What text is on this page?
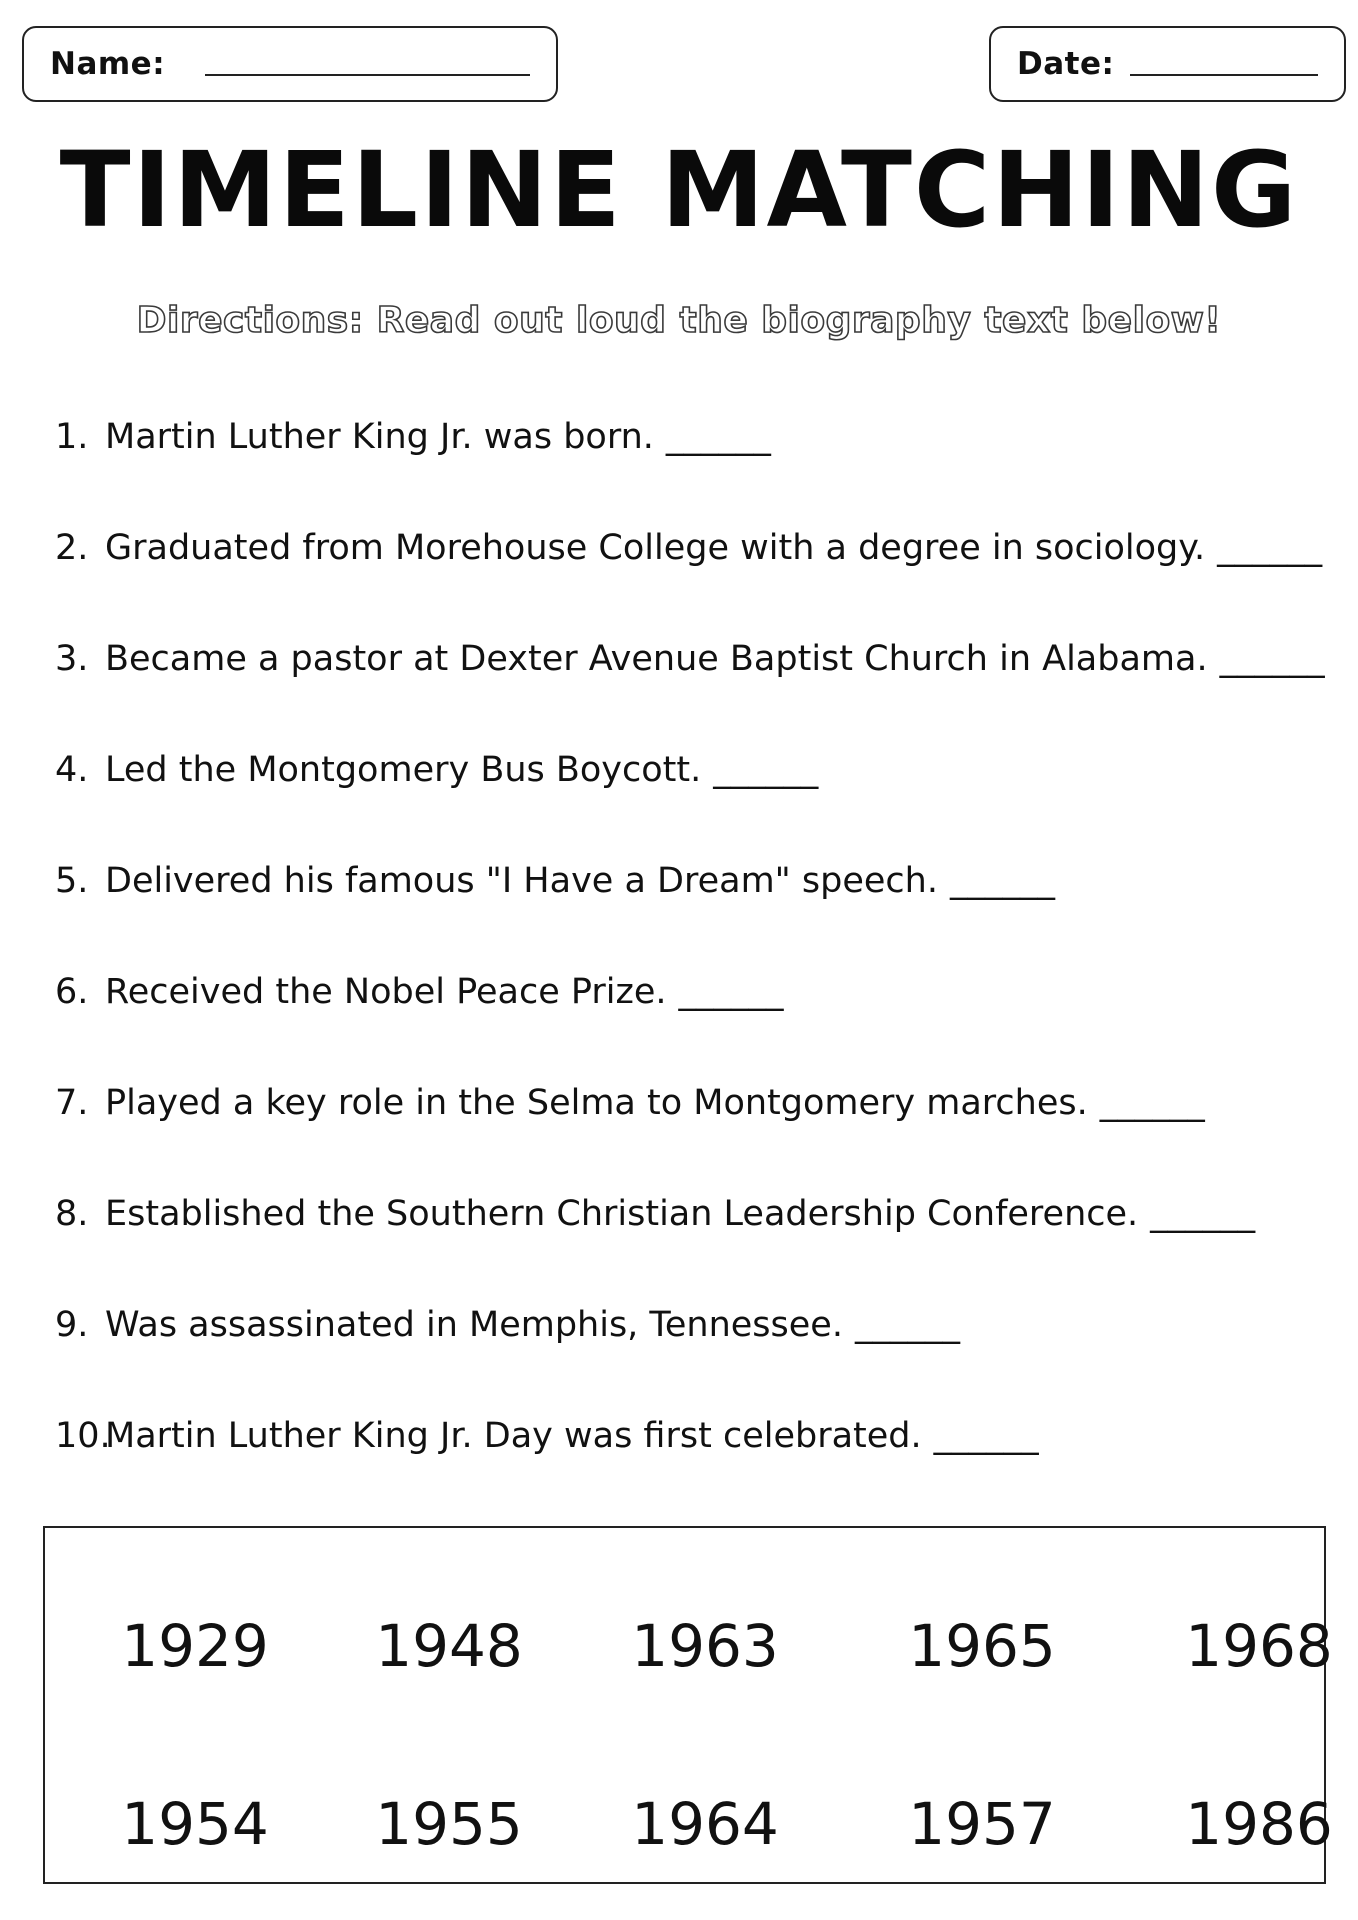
Name:	Date:
TIMELINE MATCHING
Directions: Read out loud the biography text below!
1. Martin Luther King Jr. was born. ______
2. Graduated from Morehouse College with a degree in sociology. ______
3. Became a pastor at Dexter Avenue Baptist Church in Alabama. ______
4. Led the Montgomery Bus Boycott. ______
5. Delivered his famous "I Have a Dream" speech. ______
6. Received the Nobel Peace Prize. ______
7. Played a key role in the Selma to Montgomery marches. ______
8. Established the Southern Christian Leadership Conference. ______
9. Was assassinated in Memphis, Tennessee. ______
10.
Martin Luther King Jr. Day was first celebrated. ______
1929 1948 1963 1965 1968
1954 1955 1964 1957 1986
